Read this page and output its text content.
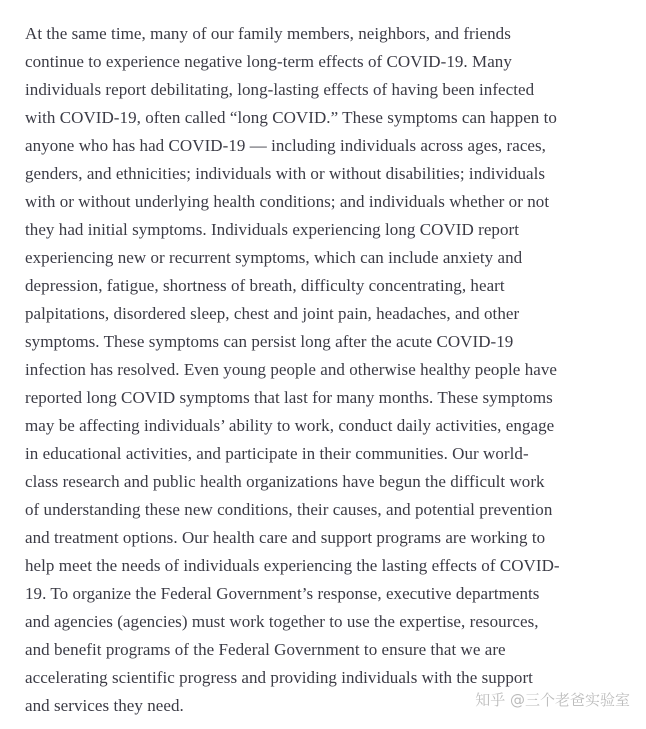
At the same time, many of our family members, neighbors, and friends
continue to experience negative long-term effects of COVID-19. Many
individuals report debilitating, long-lasting effects of having been infected
with COVID-19, often called “long COVID.” These symptoms can happen to
anyone who has had COVID-19 — including individuals across ages, races,
genders, and ethnicities; individuals with or without disabilities; individuals
with or without underlying health conditions; and individuals whether or not
they had initial symptoms. Individuals experiencing long COVID report
experiencing new or recurrent symptoms, which can include anxiety and
depression, fatigue, shortness of breath, difficulty concentrating, heart
palpitations, disordered sleep, chest and joint pain, headaches, and other
symptoms. These symptoms can persist long after the acute COVID-19
infection has resolved. Even young people and otherwise healthy people have
reported long COVID symptoms that last for many months. These symptoms
may be affecting individuals’ ability to work, conduct daily activities, engage
in educational activities, and participate in their communities. Our world-
class research and public health organizations have begun the difficult work
of understanding these new conditions, their causes, and potential prevention
and treatment options. Our health care and support programs are working to
help meet the needs of individuals experiencing the lasting effects of COVID-
19. To organize the Federal Government’s response, executive departments
and agencies (agencies) must work together to use the expertise, resources,
and benefit programs of the Federal Government to ensure that we are
accelerating scientific progress and providing individuals with the support
and services they need.	知乎 @三个老爸实验室
